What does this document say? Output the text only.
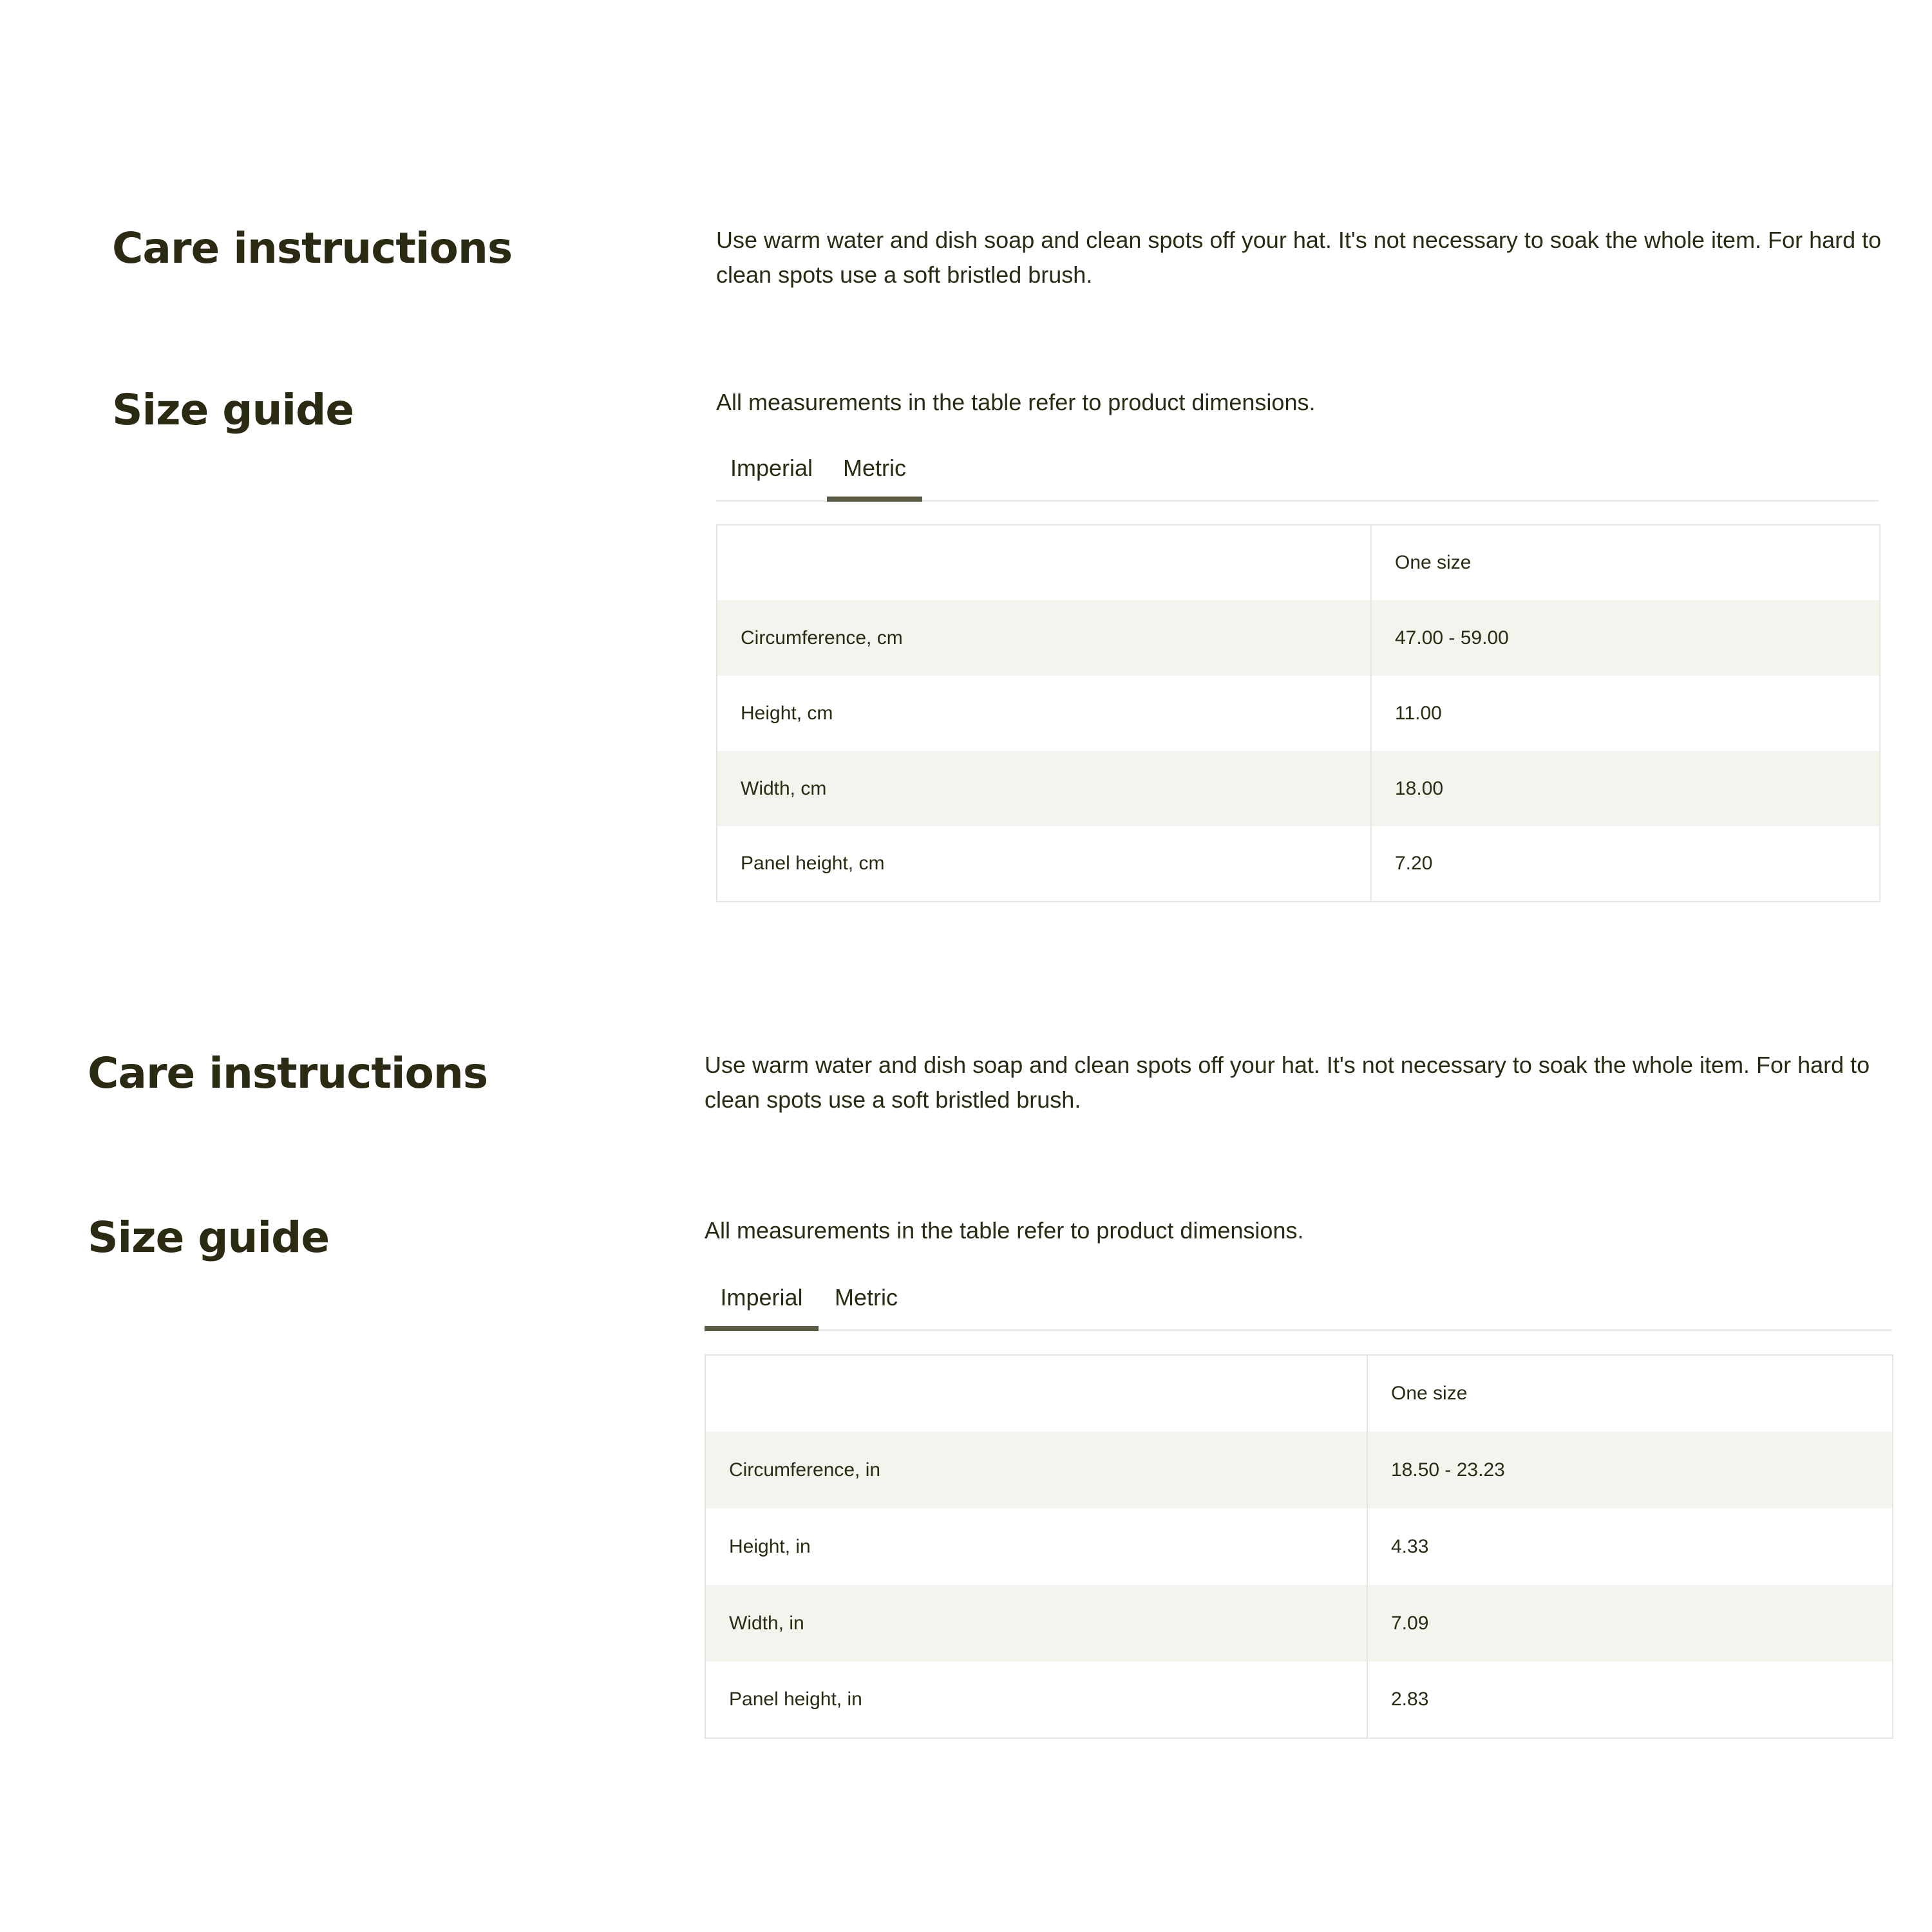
Care instructions	Use warm water and dish soap and clean spots off your hat. It's not necessary to soak the whole item. For hard to clean spots use a soft bristled brush.

Size guide	All measurements in the table refer to product dimensions.

Imperial	Metric
	One size
Circumference, cm	47.00 - 59.00
Height, cm	11.00
Width, cm	18.00
Panel height, cm	7.20
Care instructions	Use warm water and dish soap and clean spots off your hat. It's not necessary to soak the whole item. For hard to clean spots use a soft bristled brush.

Size guide	All measurements in the table refer to product dimensions.

Imperial	Metric
	One size
Circumference, in	18.50 - 23.23
Height, in	4.33
Width, in	7.09
Panel height, in	2.83
